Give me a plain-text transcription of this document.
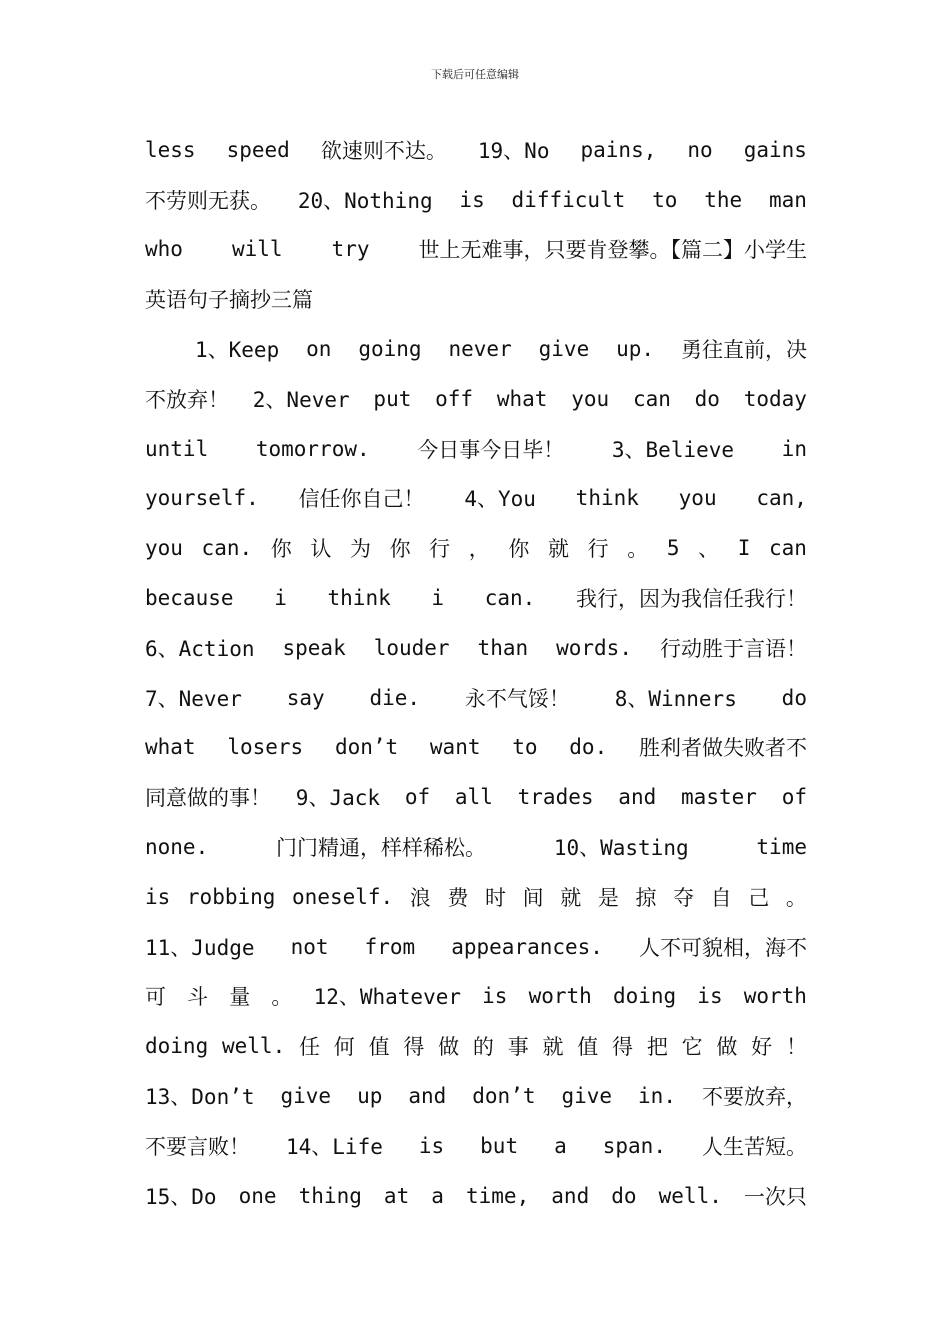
下载后可任意编辑
less speed 欲速则不达。 19、No pains, no gains
不劳则无获。 20、Nothing is difficult to the man
who will try 世上无难事，只要肯登攀。【篇二】小学生
英语句子摘抄三篇
1、Keep on going never give up. 勇往直前，决
不放弃！ 2、Never put off what you can do today
until tomorrow. 今日事今日毕！ 3、Believe in
yourself. 信任你自己！ 4、You think you can,
you can. 你 认 为 你 行 ， 你 就 行 。 5 、 I can
because i think i can. 我行，因为我信任我行！
6、Action speak louder than words. 行动胜于言语！
7、Never say die. 永不气馁！ 8、Winners do
what losers don’t want to do. 胜利者做失败者不
同意做的事！ 9、Jack of all trades and master of
none.	门门精通，样样稀松。	10、Wasting	time
is robbing oneself. 浪 费 时 间 就 是 掠 夺 自 己 。
11、Judge not from appearances. 人不可貌相，海不
可 斗 量 。 12、Whatever is worth doing is worth
doing well. 任 何 值 得 做 的 事 就 值 得 把 它 做 好 ！
13、Don’t give up and don’t give in. 不要放弃，
不要言败！ 14、Life is but a span. 人生苦短。
15、Do one thing at a time, and do well. 一次只
